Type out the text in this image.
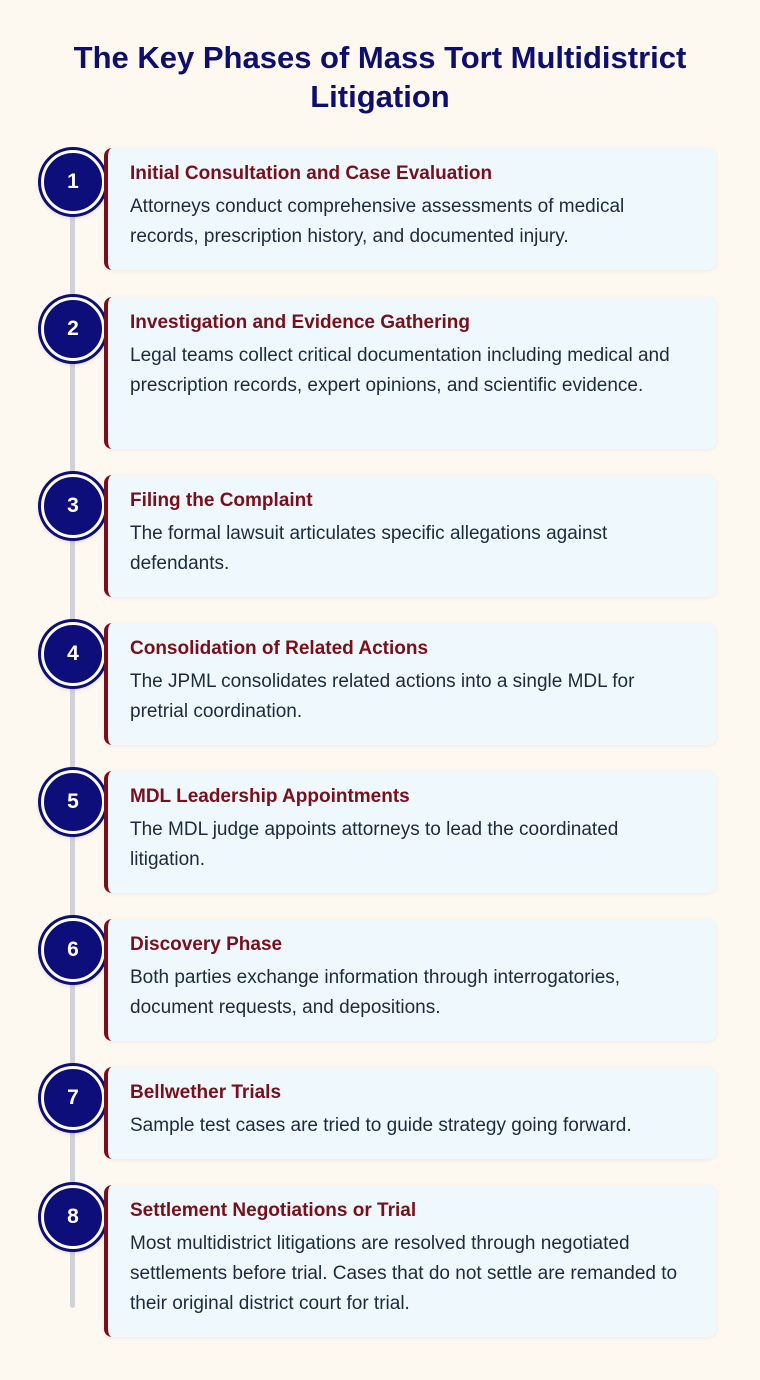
The Key Phases of Mass Tort Multidistrict Litigation
1	Initial Consultation and Case Evaluation
Attorneys conduct comprehensive assessments of medical records, prescription history, and documented injury.
2	Investigation and Evidence Gathering
Legal teams collect critical documentation including medical and prescription records, expert opinions, and scientific evidence.
3	Filing the Complaint
The formal lawsuit articulates specific allegations against defendants.
4	Consolidation of Related Actions
The JPML consolidates related actions into a single MDL for pretrial coordination.
5	MDL Leadership Appointments
The MDL judge appoints attorneys to lead the coordinated litigation.
6	Discovery Phase
Both parties exchange information through interrogatories, document requests, and depositions.
7	Bellwether Trials
Sample test cases are tried to guide strategy going forward.
8	Settlement Negotiations or Trial
Most multidistrict litigations are resolved through negotiated settlements before trial. Cases that do not settle are remanded to their original district court for trial.
